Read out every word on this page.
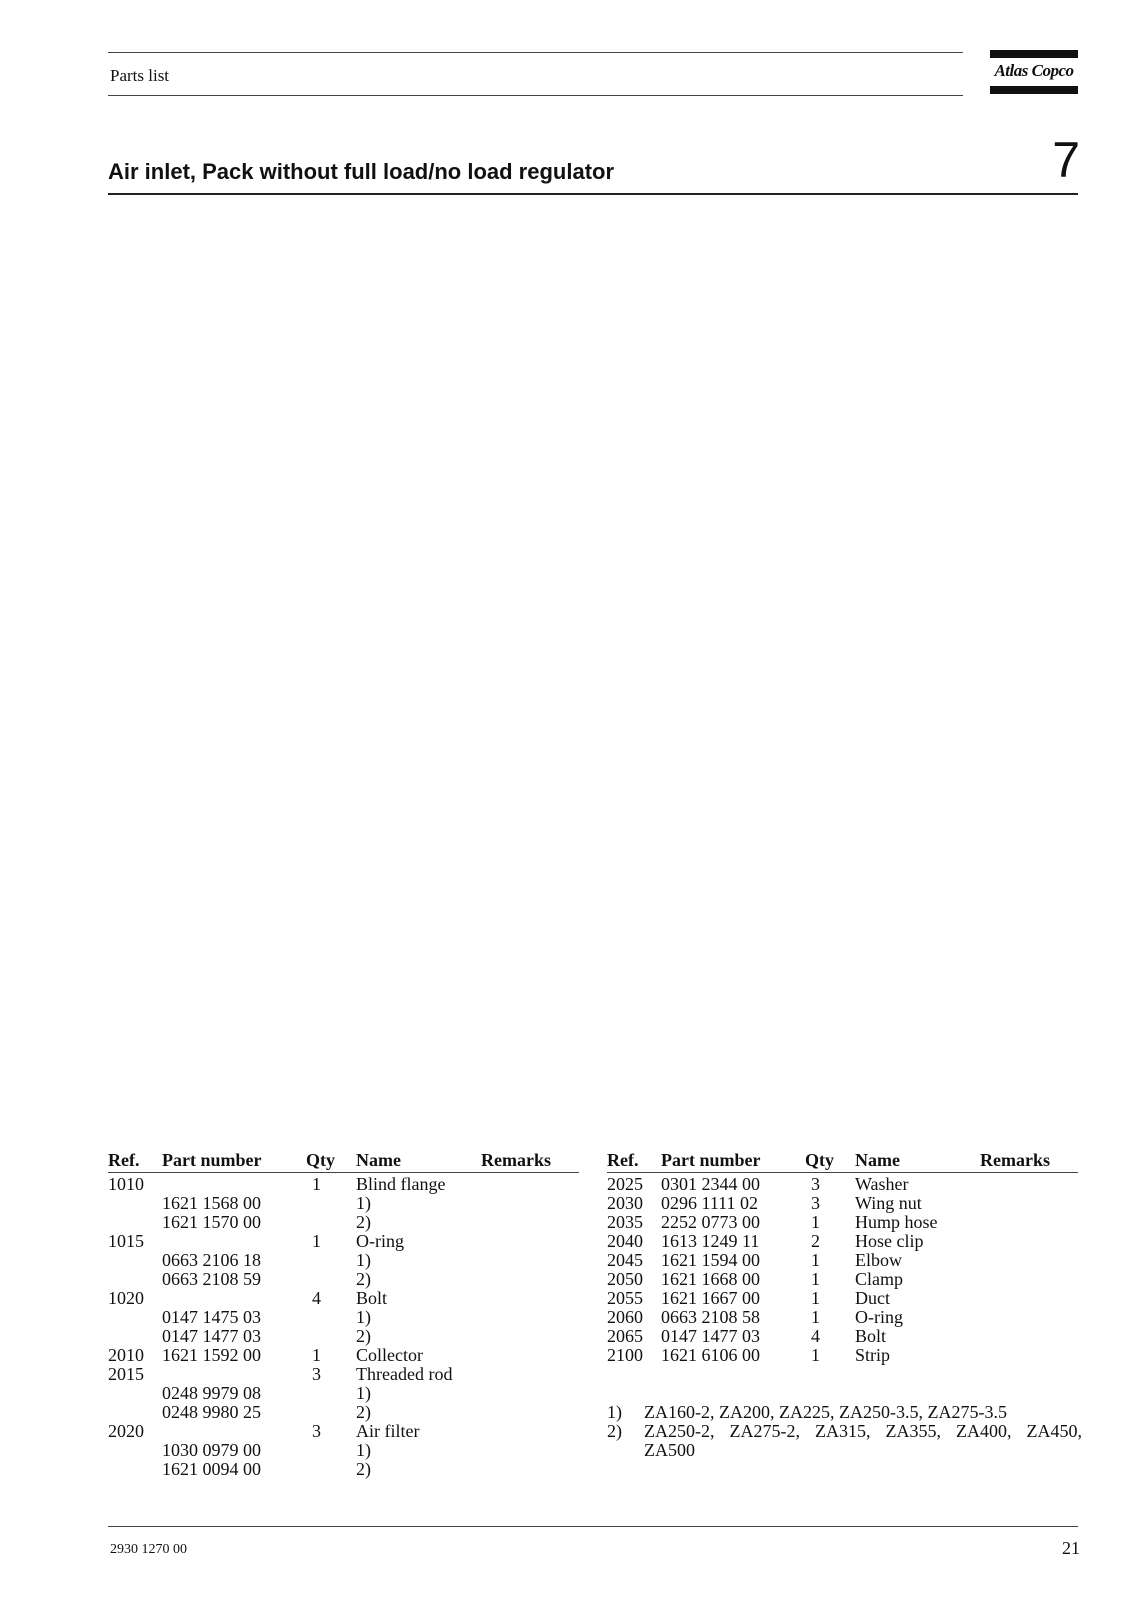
Parts list	Atlas Copco
Air inlet, Pack without full load/no load regulator	7
Ref.	Part number	Qty	Name	Remarks
1010		1	Blind flange	
	1621 1568 00		1)	
	1621 1570 00		2)	
1015		1	O-ring	
	0663 2106 18		1)	
	0663 2108 59		2)	
1020		4	Bolt	
	0147 1475 03		1)	
	0147 1477 03		2)	
2010	1621 1592 00	1	Collector	
2015		3	Threaded rod	
	0248 9979 08		1)	
	0248 9980 25		2)	
2020		3	Air filter	
	1030 0979 00		1)	
	1621 0094 00		2)	
Ref.	Part number	Qty	Name	Remarks
2025	0301 2344 00	3	Washer	
2030	0296 1111 02	3	Wing nut	
2035	2252 0773 00	1	Hump hose	
2040	1613 1249 11	2	Hose clip	
2045	1621 1594 00	1	Elbow	
2050	1621 1668 00	1	Clamp	
2055	1621 1667 00	1	Duct	
2060	0663 2108 58	1	O-ring	
2065	0147 1477 03	4	Bolt	
2100	1621 6106 00	1	Strip	
1)	ZA160-2, ZA200, ZA225, ZA250-3.5, ZA275-3.5
2)	ZA250-2, ZA275-2, ZA315, ZA355, ZA400, ZA450, ZA500
2930 1270 00	21
